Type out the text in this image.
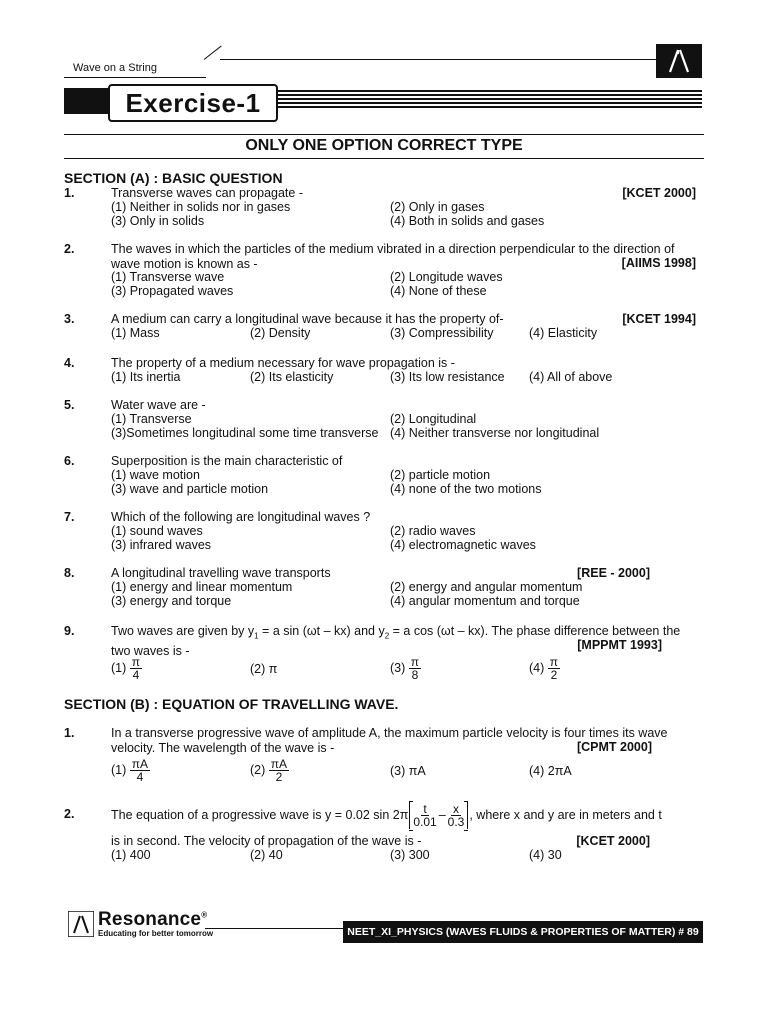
Wave on a String
Exercise-1
ONLY ONE OPTION CORRECT TYPE
SECTION (A) : BASIC QUESTION
1.	Transverse waves can propagate -	[KCET 2000]
(1) Neither in solids nor in gases	(2) Only in gases
(3) Only in solids	(4) Both in solids and gases
2.	The waves in which the particles of the medium vibrated in a direction perpendicular to the direction of
wave motion is known as -	[AIIMS 1998]
(1) Transverse wave	(2) Longitude waves
(3) Propagated waves	(4) None of these
3.	A medium can carry a longitudinal wave because it has the property of-	[KCET 1994]
(1) Mass	(2) Density	(3) Compressibility	(4) Elasticity
4.	The property of a medium necessary for wave propagation is -
(1) Its inertia	(2) Its elasticity	(3) Its low resistance (4) All of above
5.	Water wave are -
(1) Transverse	(2) Longitudinal
(3)Sometimes longitudinal some time transverse (4) Neither transverse nor longitudinal
6.	Superposition is the main characteristic of
(1) wave motion	(2) particle motion
(3) wave and particle motion	(4) none of the two motions
7.	Which of the following are longitudinal waves ?
(1) sound waves	(2) radio waves
(3) infrared waves	(4) electromagnetic waves
8.	A longitudinal travelling wave transports	[REE - 2000]
(1) energy and linear momentum	(2) energy and angular momentum
(3) energy and torque	(4) angular momentum and torque
9.	Two waves are given by $y_1 = a$ sin (ωt – kx) and $y_2 = a$ cos (ωt – kx). The phase difference between the
two waves is -	[MPPMT 1993]
$(1) \frac{\pi}{4}$	(2) π	$(3) \frac{\pi}{8}$	$(4) \frac{\pi}{2}$
SECTION (B) : EQUATION OF TRAVELLING WAVE.
1.	In a transverse progressive wave of amplitude A, the maximum particle velocity is four times its wave
velocity. The wavelength of the wave is -	[CPMT 2000]
$(1) \frac{\pi A}{4}$	$(2) \frac{\pi A}{2}$	(3) πA	(4) 2πA
2.	The equation of a progressive wave is y = 0.02 $\sin 2\pi \frac{t}{0.01} - \frac{x}{0.3}$ , where x and y are in meters and t
is in second. The velocity of propagation of the wave is -	[KCET 2000]
(1) 400	(2) 40	(3) 300	(4) 30
Resonance®
Educating for better tomorrow	NEET_XI_PHYSICS (WAVES FLUIDS & PROPERTIES OF MATTER) # 89
